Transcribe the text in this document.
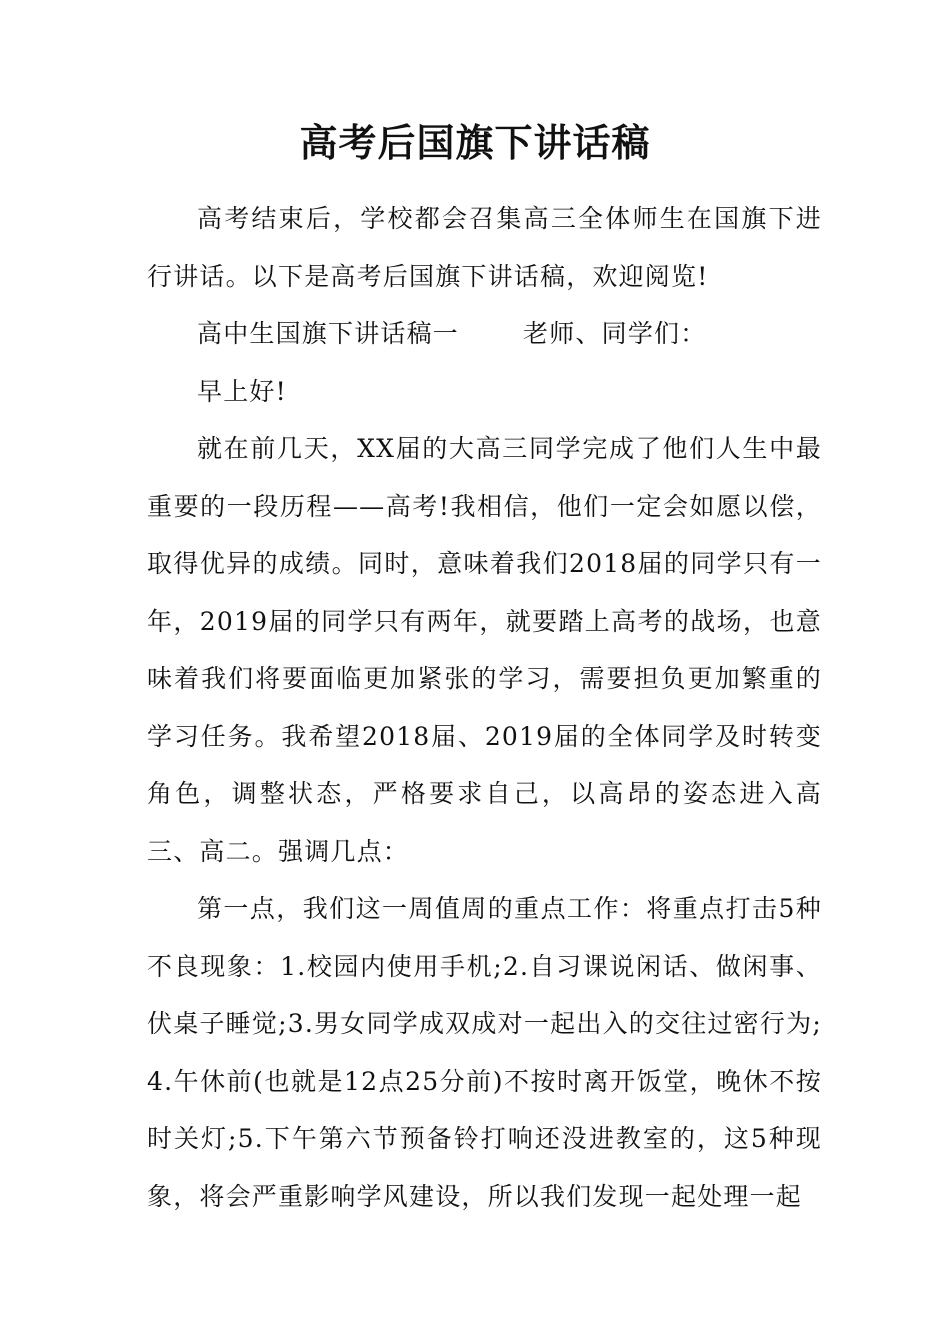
高考后国旗下讲话稿

高考结束后，学校都会召集高三全体师生在国旗下进行讲话。以下是高考后国旗下讲话稿，欢迎阅览!

高中生国旗下讲话稿一	老师、同学们：

早上好!

就在前几天，XX届的大高三同学完成了他们人生中最重要的一段历程——高考!我相信，他们一定会如愿以偿，取得优异的成绩。同时，意味着我们2018届的同学只有一年，2019届的同学只有两年，就要踏上高考的战场，也意味着我们将要面临更加紧张的学习，需要担负更加繁重的学习任务。我希望2018届、2019届的全体同学及时转变角色，调整状态，严格要求自己，以高昂的姿态进入高三、高二。强调几点：

第一点，我们这一周值周的重点工作：将重点打击5种不良现象：1.校园内使用手机;2.自习课说闲话、做闲事、伏桌子睡觉;3.男女同学成双成对一起出入的交往过密行为;4.午休前(也就是12点25分前)不按时离开饭堂，晚休不按时关灯;5.下午第六节预备铃打响还没进教室的，这5种现象，将会严重影响学风建设，所以我们发现一起处理一起
